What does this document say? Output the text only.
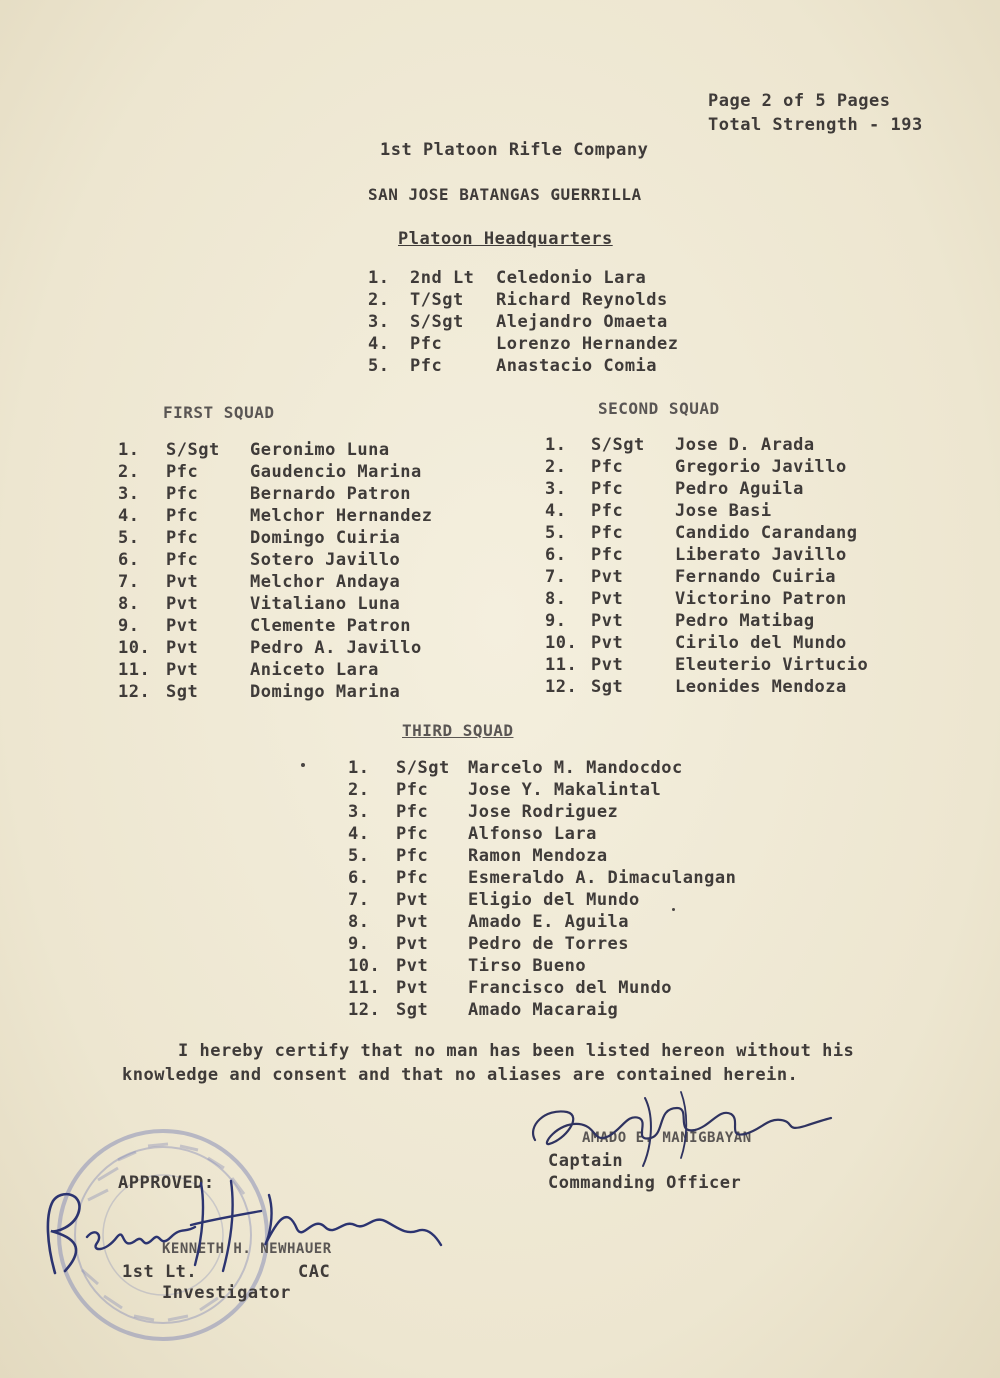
Page 2 of 5 Pages
Total Strength - 193
1st Platoon Rifle Company
SAN JOSE BATANGAS GUERRILLA
Platoon Headquarters
1. 2nd Lt Celedonio Lara
2. T/Sgt Richard Reynolds
3. S/Sgt Alejandro Omaeta
4. Pfc	Lorenzo Hernandez
5. Pfc	Anastacio Comia
FIRST SQUAD	SECOND SQUAD
1. S/Sgt Geronimo Luna
2. Pfc	Gaudencio Marina
3. Pfc	Bernardo Patron
4. Pfc	Melchor Hernandez
5. Pfc	Domingo Cuiria
6. Pfc	Sotero Javillo
7. Pvt	Melchor Andaya
8. Pvt	Vitaliano Luna
9. Pvt	Clemente Patron
10. Pvt	Pedro A. Javillo
11. Pvt	Aniceto Lara
12. Sgt	Domingo Marina
1. S/Sgt Jose D. Arada
2. Pfc	Gregorio Javillo
3. Pfc	Pedro Aguila
4. Pfc	Jose Basi
5. Pfc	Candido Carandang
6. Pfc	Liberato Javillo
7. Pvt	Fernando Cuiria
8. Pvt	Victorino Patron
9. Pvt	Pedro Matibag
10. Pvt	Cirilo del Mundo
11. Pvt	Eleuterio Virtucio
12. Sgt	Leonides Mendoza
THIRD SQUAD
1. S/Sgt Marcelo M. Mandocdoc
2. Pfc Jose Y. Makalintal
3. Pfc Jose Rodriguez
4. Pfc Alfonso Lara
5. Pfc Ramon Mendoza
6. Pfc Esmeraldo A. Dimaculangan
7. Pvt Eligio del Mundo
8. Pvt Amado E. Aguila
9. Pvt Pedro de Torres
10. Pvt Tirso Bueno
11. Pvt Francisco del Mundo
12. Sgt Amado Macaraig
I hereby certify that no man has been listed hereon without his
knowledge and consent and that no aliases are contained herein.
AMADO E. MANIGBAYAN
Captain
Commanding Officer
APPROVED:
KENNETH H. NEWHAUER
1st Lt.	CAC
Investigator
